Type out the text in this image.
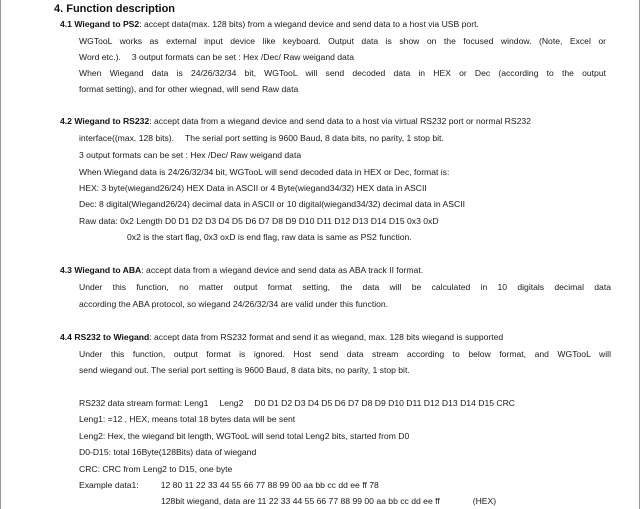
4. Function description
4.1 Wiegand to PS2: accept data(max. 128 bits) from a wiegand device and send data to a host via USB port.
WGTooL works as external input device like keyboard. Output data is show on the focused window. (Note, Excel or
Word etc.). 3 output formats can be set : Hex /Dec/ Raw weigand data
When Wiegand data is 24/26/32/34 bit, WGTooL will send decoded data in HEX or Dec (according to the output
format setting), and for other wiegnad, will send Raw data
4.2 Wiegand to RS232: accept data from a wiegand device and send data to a host via virtual RS232 port or normal RS232
interface((max. 128 bits). The serial port setting is 9600 Baud, 8 data bits, no parity, 1 stop bit.
3 output formats can be set : Hex /Dec/ Raw weigand data
When Wiegand data is 24/26/32/34 bit, WGTooL will send decoded data in HEX or Dec, format is:
HEX: 3 byte(wiegand26/24) HEX Data in ASCII or 4 Byte(wiegand34/32) HEX data in ASCII
Dec: 8 digital(Wiegand26/24) decimal data in ASCII or 10 digital(wiegand34/32) decimal data in ASCII
Raw data: 0x2 Length D0 D1 D2 D3 D4 D5 D6 D7 D8 D9 D10 D11 D12 D13 D14 D15 0x3 0xD
0x2 is the start flag, 0x3 oxD is end flag, raw data is same as PS2 function.
4.3 Wiegand to ABA: accept data from a wiegand device and send data as ABA track II format.
Under this function, no matter output format setting, the data will be calculated in 10 digitals decimal data
according the ABA protocol, so wiegand 24/26/32/34 are valid under this function.
4.4 RS232 to Wiegand: accept data from RS232 format and send it as wiegand, max. 128 bits wiegand is supported
Under this function, output format is ignored. Host send data stream according to below format, and WGTooL will
send wiegand out. The serial port setting is 9600 Baud, 8 data bits, no parity, 1 stop bit.
RS232 data stream format: Leng1 Leng2 D0 D1 D2 D3 D4 D5 D6 D7 D8 D9 D10 D11 D12 D13 D14 D15 CRC
Leng1: =12 , HEX, means total 18 bytes data will be sent
Leng2: Hex, the wiegand bit length, WGTooL will send total Leng2 bits, started from D0
D0-D15: total 16Byte(128Bits) data of wiegand
CRC: CRC from Leng2 to D15, one byte
Example data1:	12 80 11 22 33 44 55 66 77 88 99 00 aa bb cc dd ee ff 78
128bit wiegand, data are 11 22 33 44 55 66 77 88 99 00 aa bb cc dd ee ff	(HEX)
